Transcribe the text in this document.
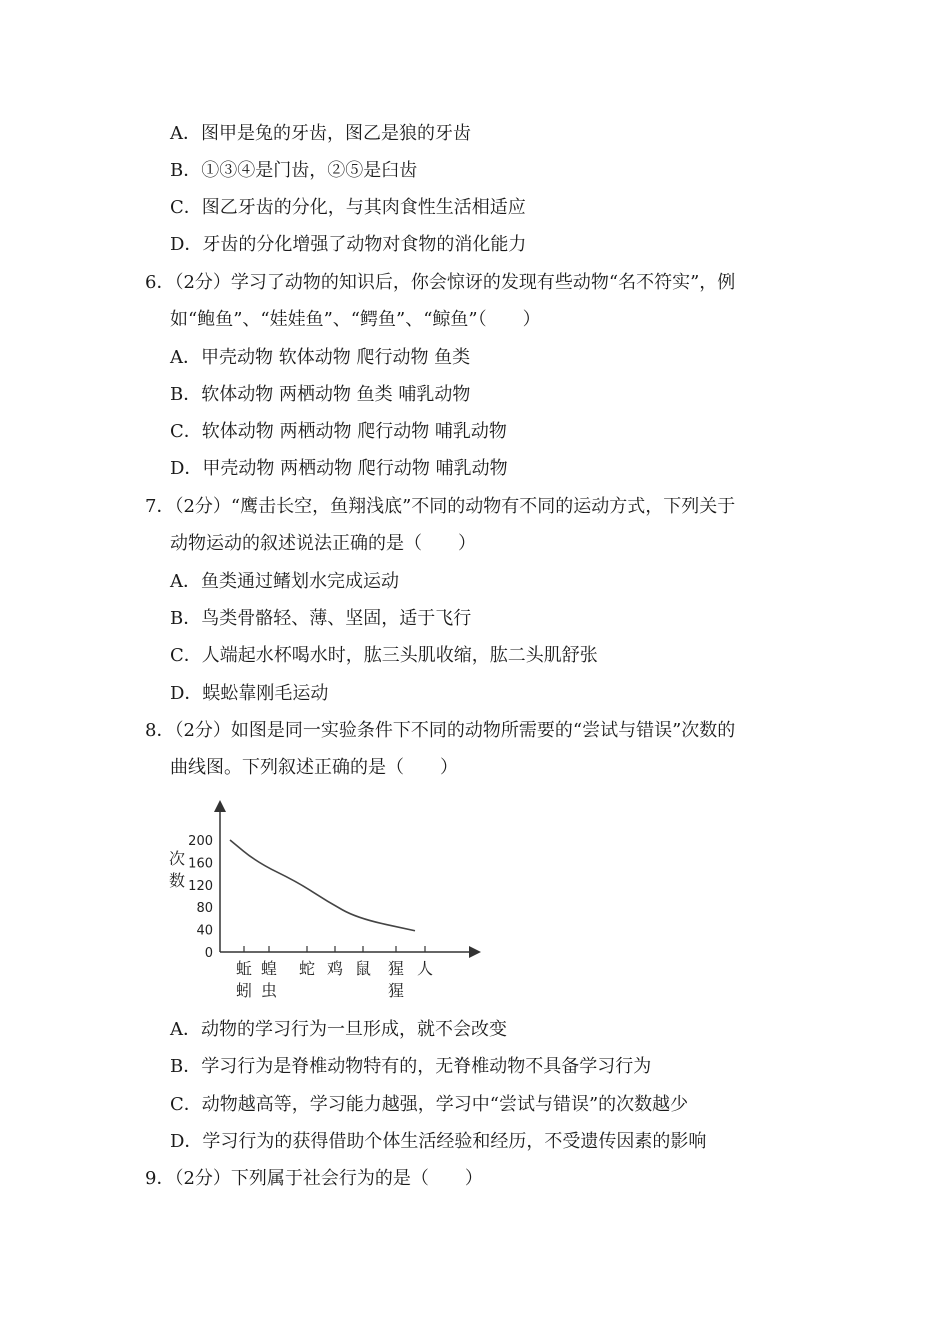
A．图甲是兔的牙齿，图乙是狼的牙齿
B．①③④是门齿，②⑤是臼齿
C．图乙牙齿的分化，与其肉食性生活相适应
D．牙齿的分化增强了动物对食物的消化能力
6．（2分）学习了动物的知识后，你会惊讶的发现有些动物“名不符实”，例
如“鲍鱼”、“娃娃鱼”、“鳄鱼”、“鲸鱼”（　　）
A．甲壳动物 软体动物 爬行动物 鱼类
B．软体动物 两栖动物 鱼类 哺乳动物
C．软体动物 两栖动物 爬行动物 哺乳动物
D．甲壳动物 两栖动物 爬行动物 哺乳动物
7．（2分）“鹰击长空，鱼翔浅底”不同的动物有不同的运动方式，下列关于
动物运动的叙述说法正确的是（　　）
A．鱼类通过鳍划水完成运动
B．鸟类骨骼轻、薄、坚固，适于飞行
C．人端起水杯喝水时，肱三头肌收缩，肱二头肌舒张
D．蜈蚣靠刚毛运动
8．（2分）如图是同一实验条件下不同的动物所需要的“尝试与错误”次数的
曲线图。下列叙述正确的是（　　）
次
数
200
160
120
80
40
0
蚯
蚓
蝗
虫
蛇 鸡 鼠 猩
猩
人
A．动物的学习行为一旦形成，就不会改变
B．学习行为是脊椎动物特有的，无脊椎动物不具备学习行为
C．动物越高等，学习能力越强，学习中“尝试与错误”的次数越少
D．学习行为的获得借助个体生活经验和经历，不受遗传因素的影响
9．（2分）下列属于社会行为的是（　　）
